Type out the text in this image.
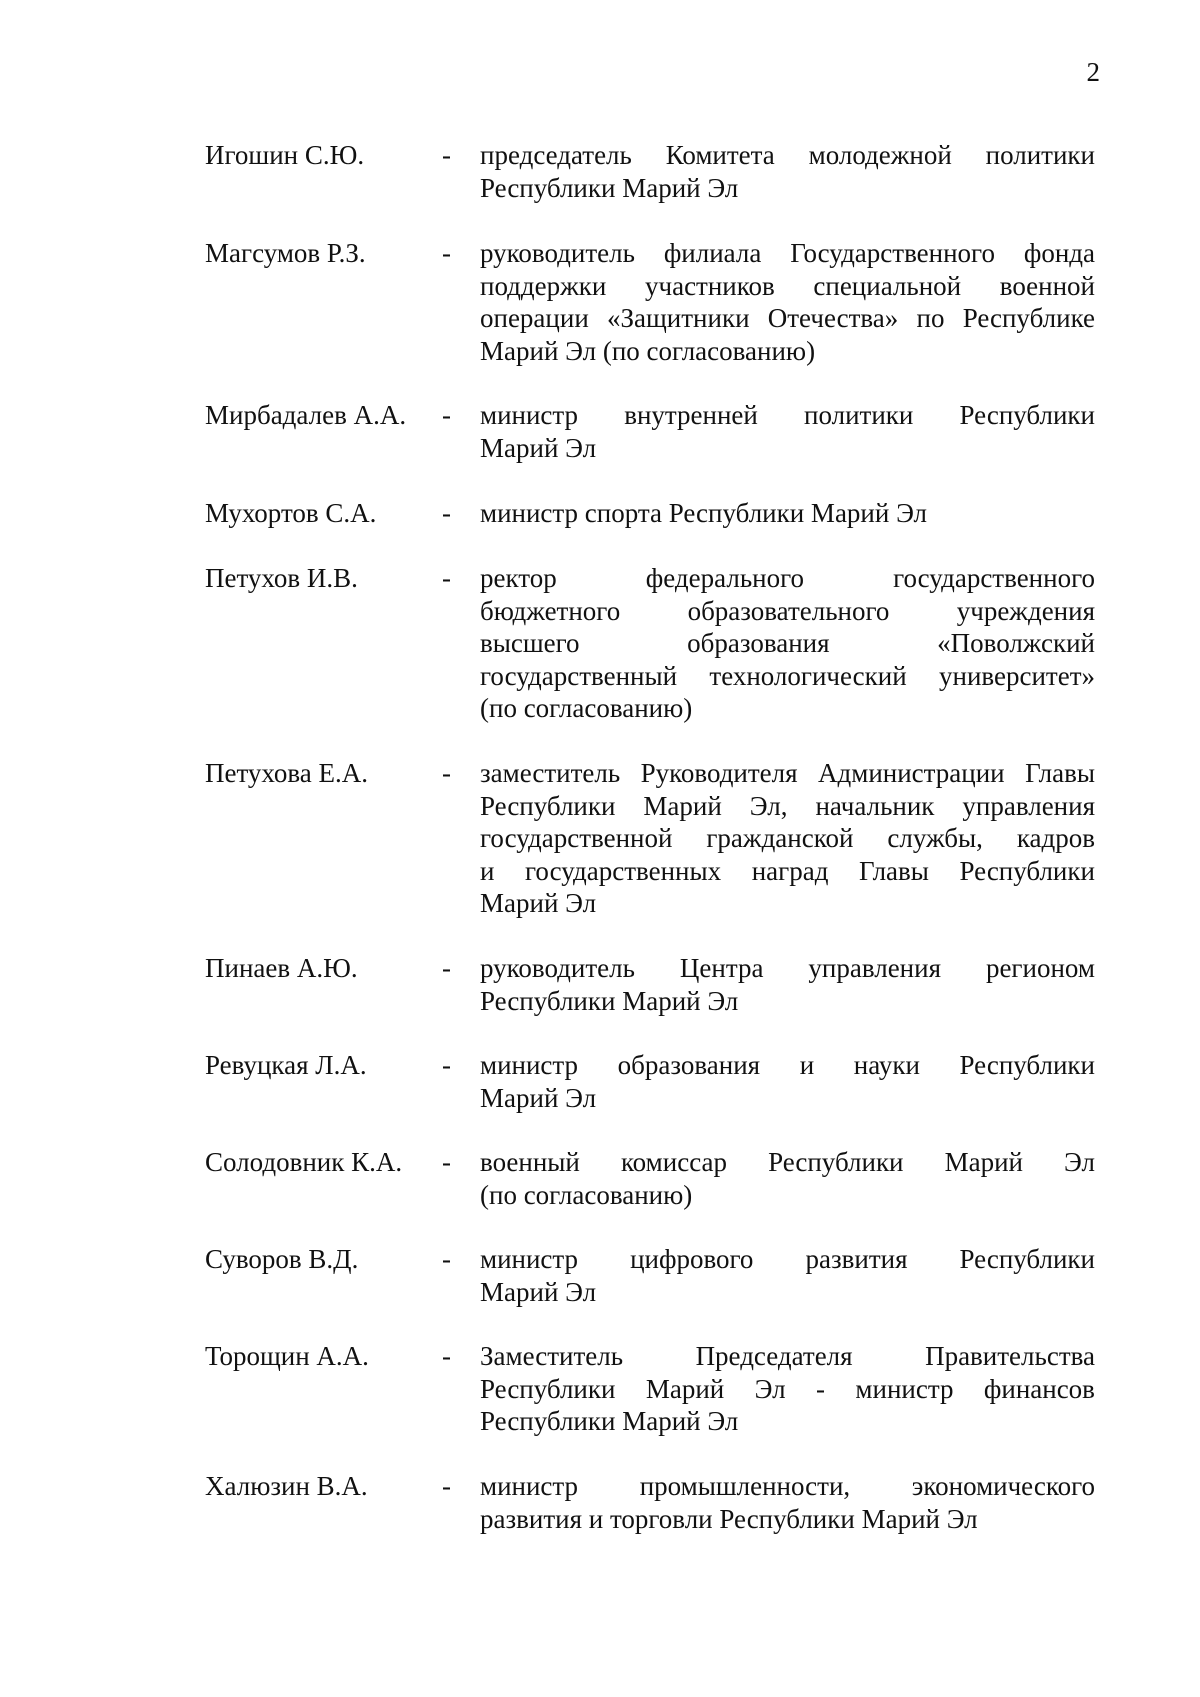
2
Игошин С.Ю.	- председатель Комитета молодежной политики
Республики Марий Эл
Магсумов Р.З.	- руководитель филиала Государственного фонда
поддержки участников специальной военной
операции «Защитники Отечества» по Республике
Марий Эл (по согласованию)
Мирбадалев А.А.	- министр внутренней политики Республики
Марий Эл
Мухортов С.А.	- министр спорта Республики Марий Эл
Петухов И.В.	- ректор	федерального	государственного
бюджетного образовательного учреждения
высшего	образования	«Поволжский
государственный технологический университет»
(по согласованию)
Петухова Е.А.	- заместитель Руководителя Администрации Главы
Республики Марий Эл, начальник управления
государственной гражданской службы, кадров
и государственных наград Главы Республики
Марий Эл
Пинаев А.Ю.	- руководитель Центра управления регионом
Республики Марий Эл
Ревуцкая Л.А.	- министр образования и науки Республики
Марий Эл
Солодовник К.А.	- военный комиссар Республики Марий Эл
(по согласованию)
Суворов В.Д.	- министр цифрового развития Республики
Марий Эл
Торощин А.А.	- Заместитель	Председателя	Правительства
Республики Марий Эл - министр финансов
Республики Марий Эл
Халюзин В.А.	- министр промышленности, экономического
развития и торговли Республики Марий Эл
